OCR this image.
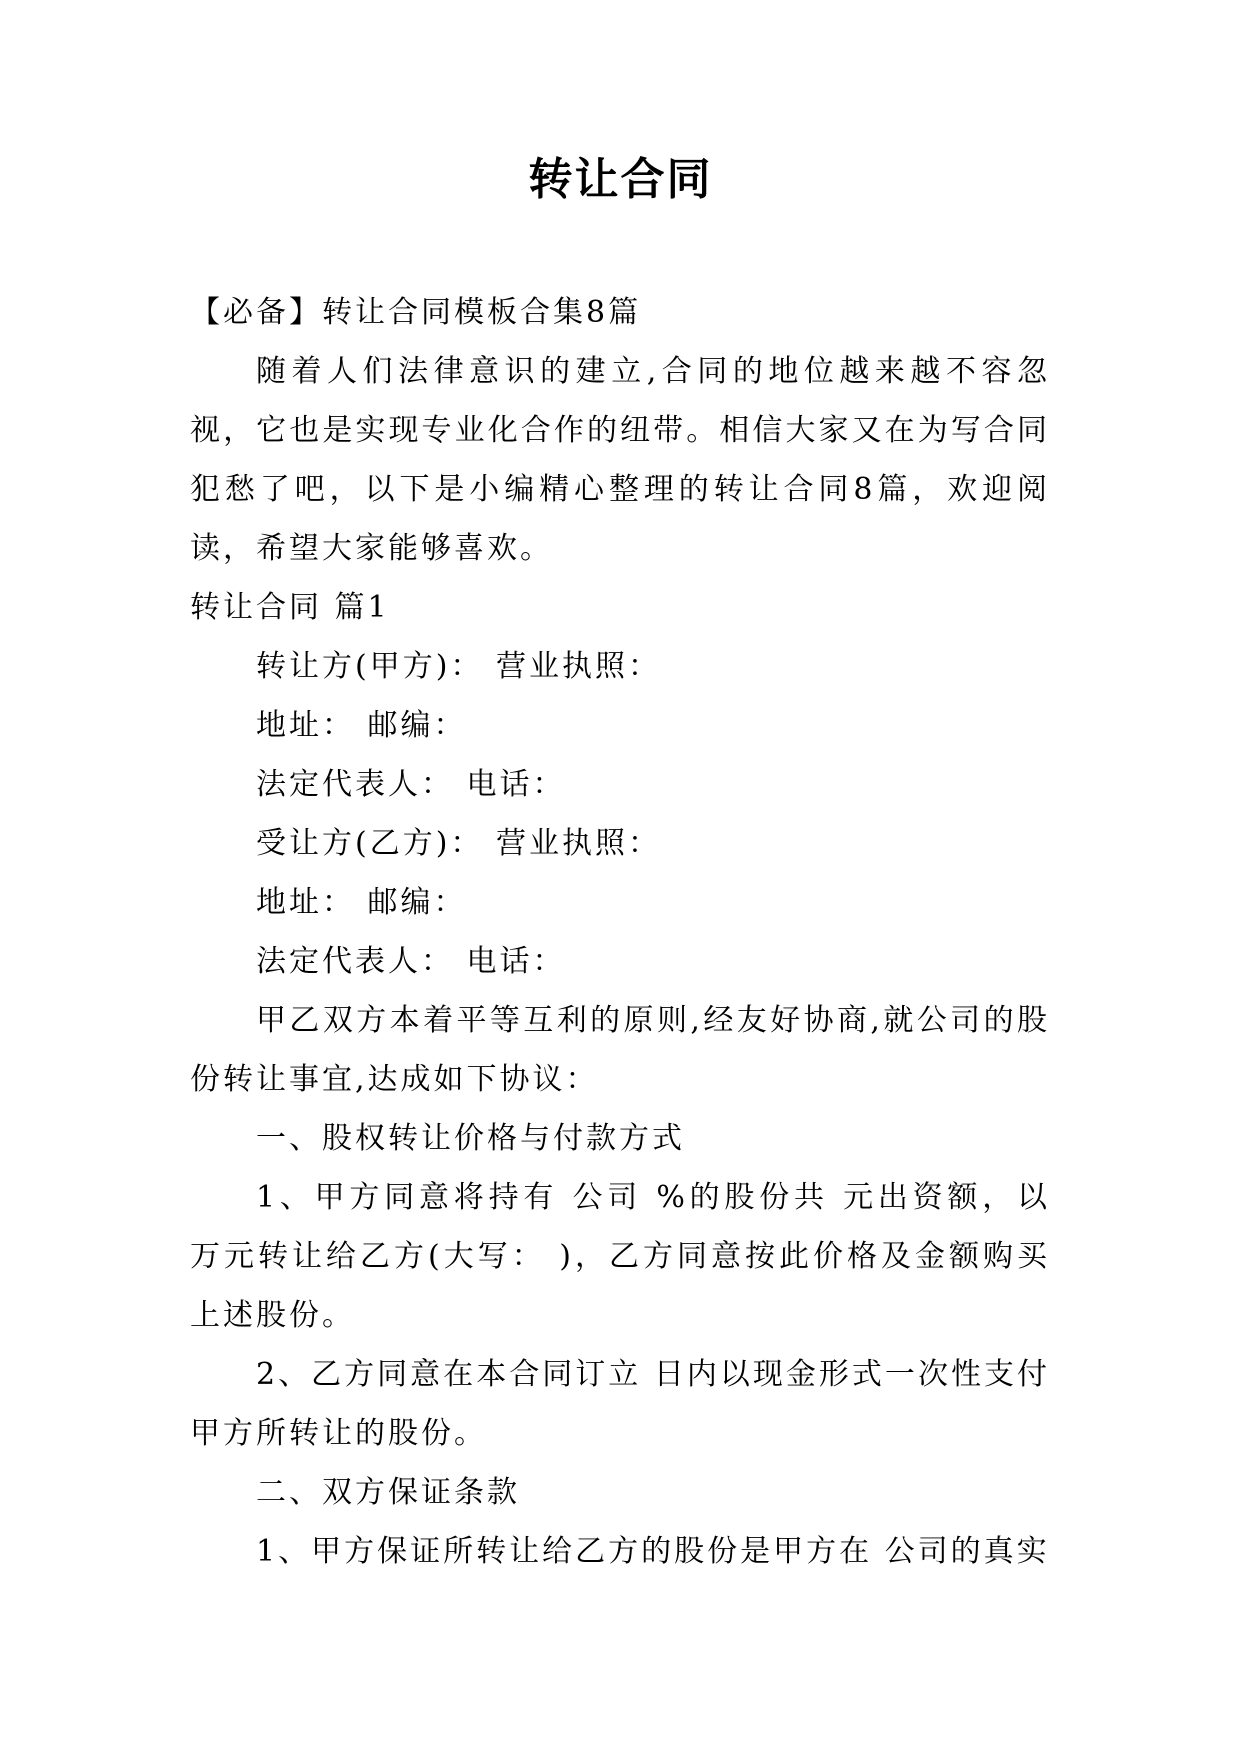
转让合同

【必备】转让合同模板合集8篇

随着人们法律意识的建立,合同的地位越来越不容忽视，它也是实现专业化合作的纽带。相信大家又在为写合同犯愁了吧，以下是小编精心整理的转让合同8篇，欢迎阅读，希望大家能够喜欢。

转让合同 篇1

转让方(甲方)： 营业执照：

地址： 邮编：

法定代表人： 电话：

受让方(乙方)： 营业执照：

地址： 邮编：

法定代表人： 电话：

甲乙双方本着平等互利的原则,经友好协商,就公司的股份转让事宜,达成如下协议：

一、股权转让价格与付款方式

1、甲方同意将持有 公司 %的股份共 元出资额，以 万元转让给乙方(大写： )，乙方同意按此价格及金额购买上述股份。

2、乙方同意在本合同订立 日内以现金形式一次性支付甲方所转让的股份。

二、双方保证条款

1、甲方保证所转让给乙方的股份是甲方在 公司的真实
